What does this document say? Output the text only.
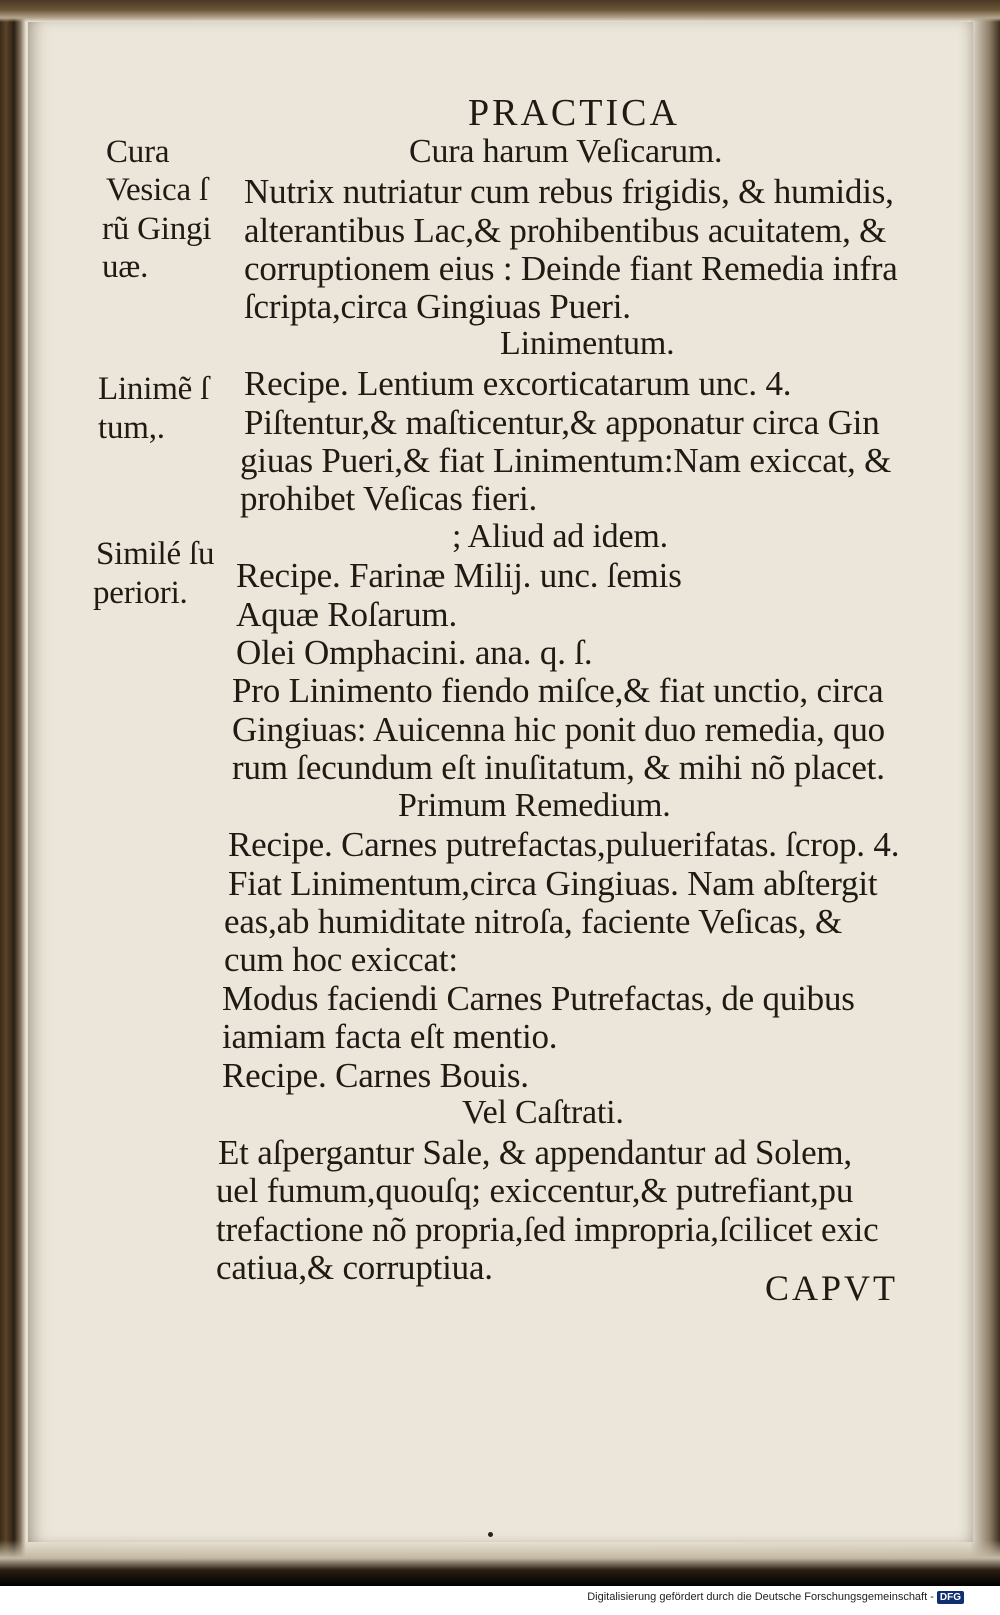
PRACTICA
Cura
Vesica ſ
rũ Gingi
uæ.
Linimẽ ſ
tum,.
Similé ſu
periori.
Cura harum Veſicarum.
Nutrix nutriatur cum rebus frigidis, & humidis,
alterantibus Lac,& prohibentibus acuitatem, &
corruptionem eius : Deinde fiant Remedia infra
ſcripta,circa Gingiuas Pueri.
Linimentum.
Recipe. Lentium excorticatarum unc. 4.
Piſtentur,& maſticentur,& apponatur circa Gin
giuas Pueri,& fiat Linimentum:Nam exiccat, &
prohibet Veſicas fieri.
; Aliud ad idem.
Recipe. Farinæ Milij. unc. ſemis
Aquæ Roſarum.
Olei Omphacini. ana. q. ſ.
Pro Linimento fiendo miſce,& fiat unctio, circa
Gingiuas: Auicenna hic ponit duo remedia, quo
rum ſecundum eſt inuſitatum, & mihi nõ placet.
Primum Remedium.
Recipe. Carnes putrefactas,puluerifatas. ſcrop. 4.
Fiat Linimentum,circa Gingiuas. Nam abſtergit
eas,ab humiditate nitroſa, faciente Veſicas, &
cum hoc exiccat:
Modus faciendi Carnes Putrefactas, de quibus
iamiam facta eſt mentio.
Recipe. Carnes Bouis.
Vel Caſtrati.
Et aſpergantur Sale, & appendantur ad Solem,
uel fumum,quouſq; exiccentur,& putrefiant,pu
trefactione nõ propria,ſed impropria,ſcilicet exic
catiua,& corruptiua.
CAPVT
Digitalisierung gefördert durch die Deutsche Forschungsgemeinschaft - DFG
